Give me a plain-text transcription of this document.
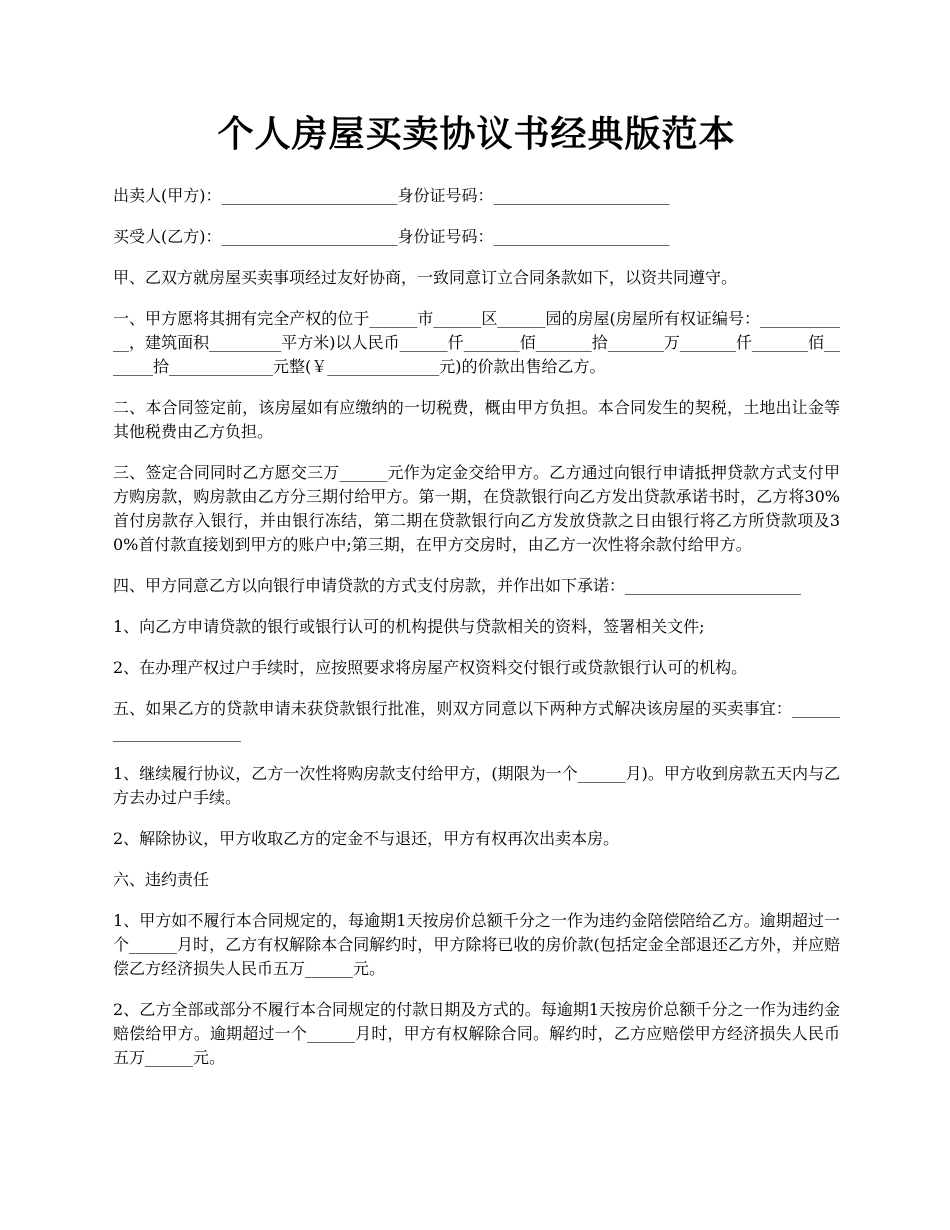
个人房屋买卖协议书经典版范本

出卖人(甲方)：______________________身份证号码：______________________

买受人(乙方)：______________________身份证号码：______________________

甲、乙双方就房屋买卖事项经过友好协商，一致同意订立合同条款如下，以资共同遵守。

一、甲方愿将其拥有完全产权的位于______市______区______园的房屋(房屋所有权证编号：____________，建筑面积_________平方米)以人民币______仟_______佰_______拾_______万_______仟_______佰_______拾_____________元整(￥______________元)的价款出售给乙方。

二、本合同签定前，该房屋如有应缴纳的一切税费，概由甲方负担。本合同发生的契税，土地出让金等其他税费由乙方负担。

三、签定合同同时乙方愿交三万______元作为定金交给甲方。乙方通过向银行申请抵押贷款方式支付甲方购房款，购房款由乙方分三期付给甲方。第一期，在贷款银行向乙方发出贷款承诺书时，乙方将30%首付房款存入银行，并由银行冻结，第二期在贷款银行向乙方发放贷款之日由银行将乙方所贷款项及30%首付款直接划到甲方的账户中;第三期，在甲方交房时，由乙方一次性将余款付给甲方。

四、甲方同意乙方以向银行申请贷款的方式支付房款，并作出如下承诺：______________________

1、向乙方申请贷款的银行或银行认可的机构提供与贷款相关的资料，签署相关文件;

2、在办理产权过户手续时，应按照要求将房屋产权资料交付银行或贷款银行认可的机构。

五、如果乙方的贷款申请未获贷款银行批准，则双方同意以下两种方式解决该房屋的买卖事宜：______________________

1、继续履行协议，乙方一次性将购房款支付给甲方，(期限为一个______月)。甲方收到房款五天内与乙方去办过户手续。

2、解除协议，甲方收取乙方的定金不与退还，甲方有权再次出卖本房。

六、违约责任

1、甲方如不履行本合同规定的，每逾期1天按房价总额千分之一作为违约金陪偿陪给乙方。逾期超过一个______月时，乙方有权解除本合同解约时，甲方除将已收的房价款(包括定金全部退还乙方外，并应赔偿乙方经济损失人民币五万______元。

2、乙方全部或部分不履行本合同规定的付款日期及方式的。每逾期1天按房价总额千分之一作为违约金赔偿给甲方。逾期超过一个______月时，甲方有权解除合同。解约时，乙方应赔偿甲方经济损失人民币五万______元。
